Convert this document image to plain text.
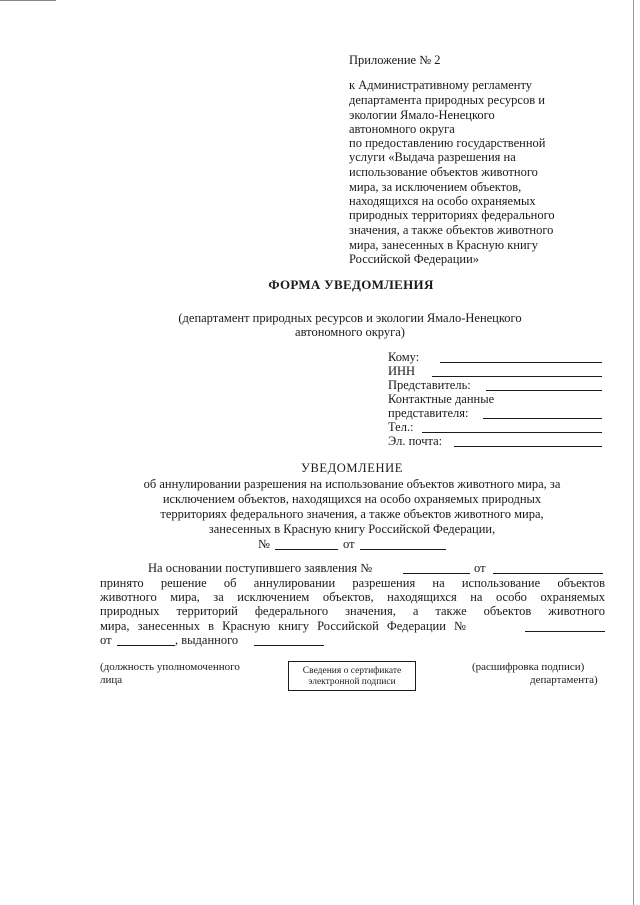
Приложение № 2
к Административному регламенту
департамента природных ресурсов и
экологии Ямало-Ненецкого
автономного округа
по предоставлению государственной
услуги «Выдача разрешения на
использование объектов животного
мира, за исключением объектов,
находящихся на особо охраняемых
природных территориях федерального
значения, а также объектов животного
мира, занесенных в Красную книгу
Российской Федерации»
ФОРМА УВЕДОМЛЕНИЯ
(департамент природных ресурсов и экологии Ямало-Ненецкого
автономного округа)
Кому:
ИНН
Представитель:
Контактные данные
представителя:
Тел.:
Эл. почта:
УВЕДОМЛЕНИЕ
об аннулировании разрешения на использование объектов животного мира, за
исключением объектов, находящихся на особо охраняемых природных
территориях федерального значения, а также объектов животного мира,
занесенных в Красную книгу Российской Федерации,
№	от
На основании поступившего заявления №	от
принято решение об аннулировании разрешения на использование объектов
животного мира, за исключением объектов, находящихся на особо охраняемых
природных территорий федерального значения, а также объектов животного
мира, занесенных в Красную книгу Российской Федерации №
от	, выданного
(должность уполномоченного
лица
Сведения о сертификате
электронной подписи
(расшифровка подписи)
департамента)
